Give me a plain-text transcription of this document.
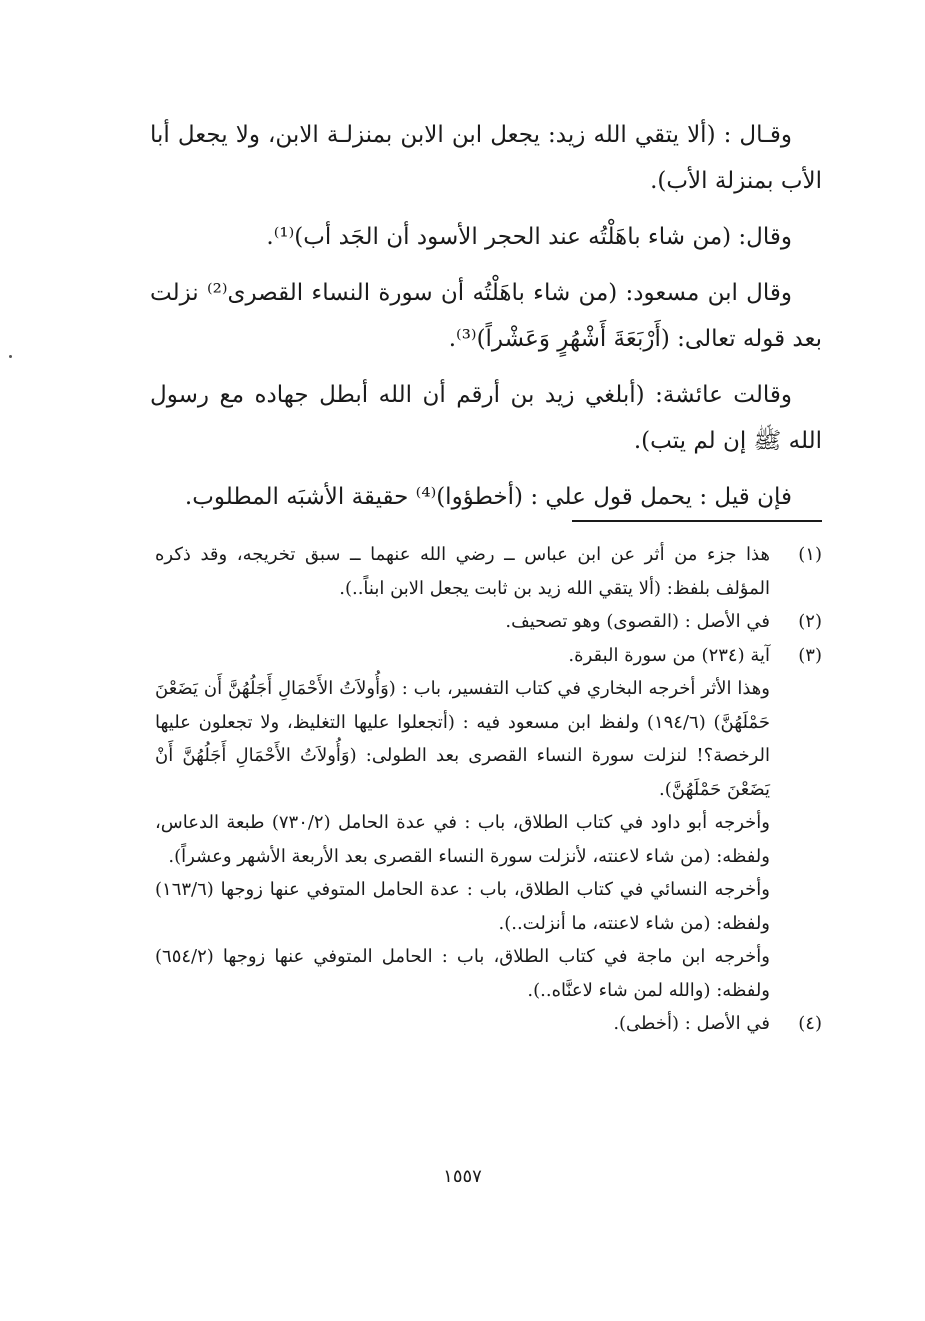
وقـال : (ألا يتقي الله زيد: يجعل ابن الابن بمنزلـة الابن، ولا يجعل أبا الأب بمنزلة الأب).

وقال: (من شاء باهَلْتُه عند الحجر الأسود أن الجَد أب)⁽¹⁾.

وقال ابن مسعود: (من شاء باهَلْتُه أن سورة النساء القصرى⁽²⁾ نزلت بعد قوله تعالى: (أَرْبَعَةَ أَشْهُرٍ وَعَشْراً)⁽³⁾.

وقالت عائشة: (أبلغي زيد بن أرقم أن الله أبطل جهاده مع رسول الله ﷺ إن لم يتب).

فإن قيل : يحمل قول علي : (أخطؤوا)⁽⁴⁾ حقيقة الأشبَه المطلوب.

(١)

هذا جزء من أثر عن ابن عباس ــ رضي الله عنهما ــ سبق تخريجه، وقد ذكره المؤلف بلفظ: (ألا يتقي الله زيد بن ثابت يجعل الابن ابناً..).

(٢)

في الأصل : (القصوى) وهو تصحيف.

(٣)

آية (٢٣٤) من سورة البقرة.

وهذا الأثر أخرجه البخاري في كتاب التفسير، باب : (وَأُولاَتُ الأَحْمَالِ أَجَلُهُنَّ أَن يَضَعْنَ حَمْلَهُنَّ) (١٩٤/٦) ولفظ ابن مسعود فيه : (أتجعلوا عليها التغليظ، ولا تجعلون عليها الرخصة؟! لنزلت سورة النساء القصرى بعد الطولى: (وَأُولاَتُ الأَحْمَالِ أَجَلُهُنَّ أَنْ يَضَعْنَ حَمْلَهُنَّ).

وأخرجه أبو داود في كتاب الطلاق، باب : في عدة الحامل (٧٣٠/٢) طبعة الدعاس، ولفظه: (من شاء لاعنته، لأنزلت سورة النساء القصرى بعد الأربعة الأشهر وعشراً).

وأخرجه النسائي في كتاب الطلاق، باب : عدة الحامل المتوفي عنها زوجها (١٦٣/٦) ولفظه: (من شاء لاعنته، ما أنزلت..).

وأخرجه ابن ماجة في كتاب الطلاق، باب : الحامل المتوفي عنها زوجها (٦٥٤/٢) ولفظه: (والله لمن شاء لاعنَّاه..).

(٤)

في الأصل : (أخطى).

١٥٥٧
